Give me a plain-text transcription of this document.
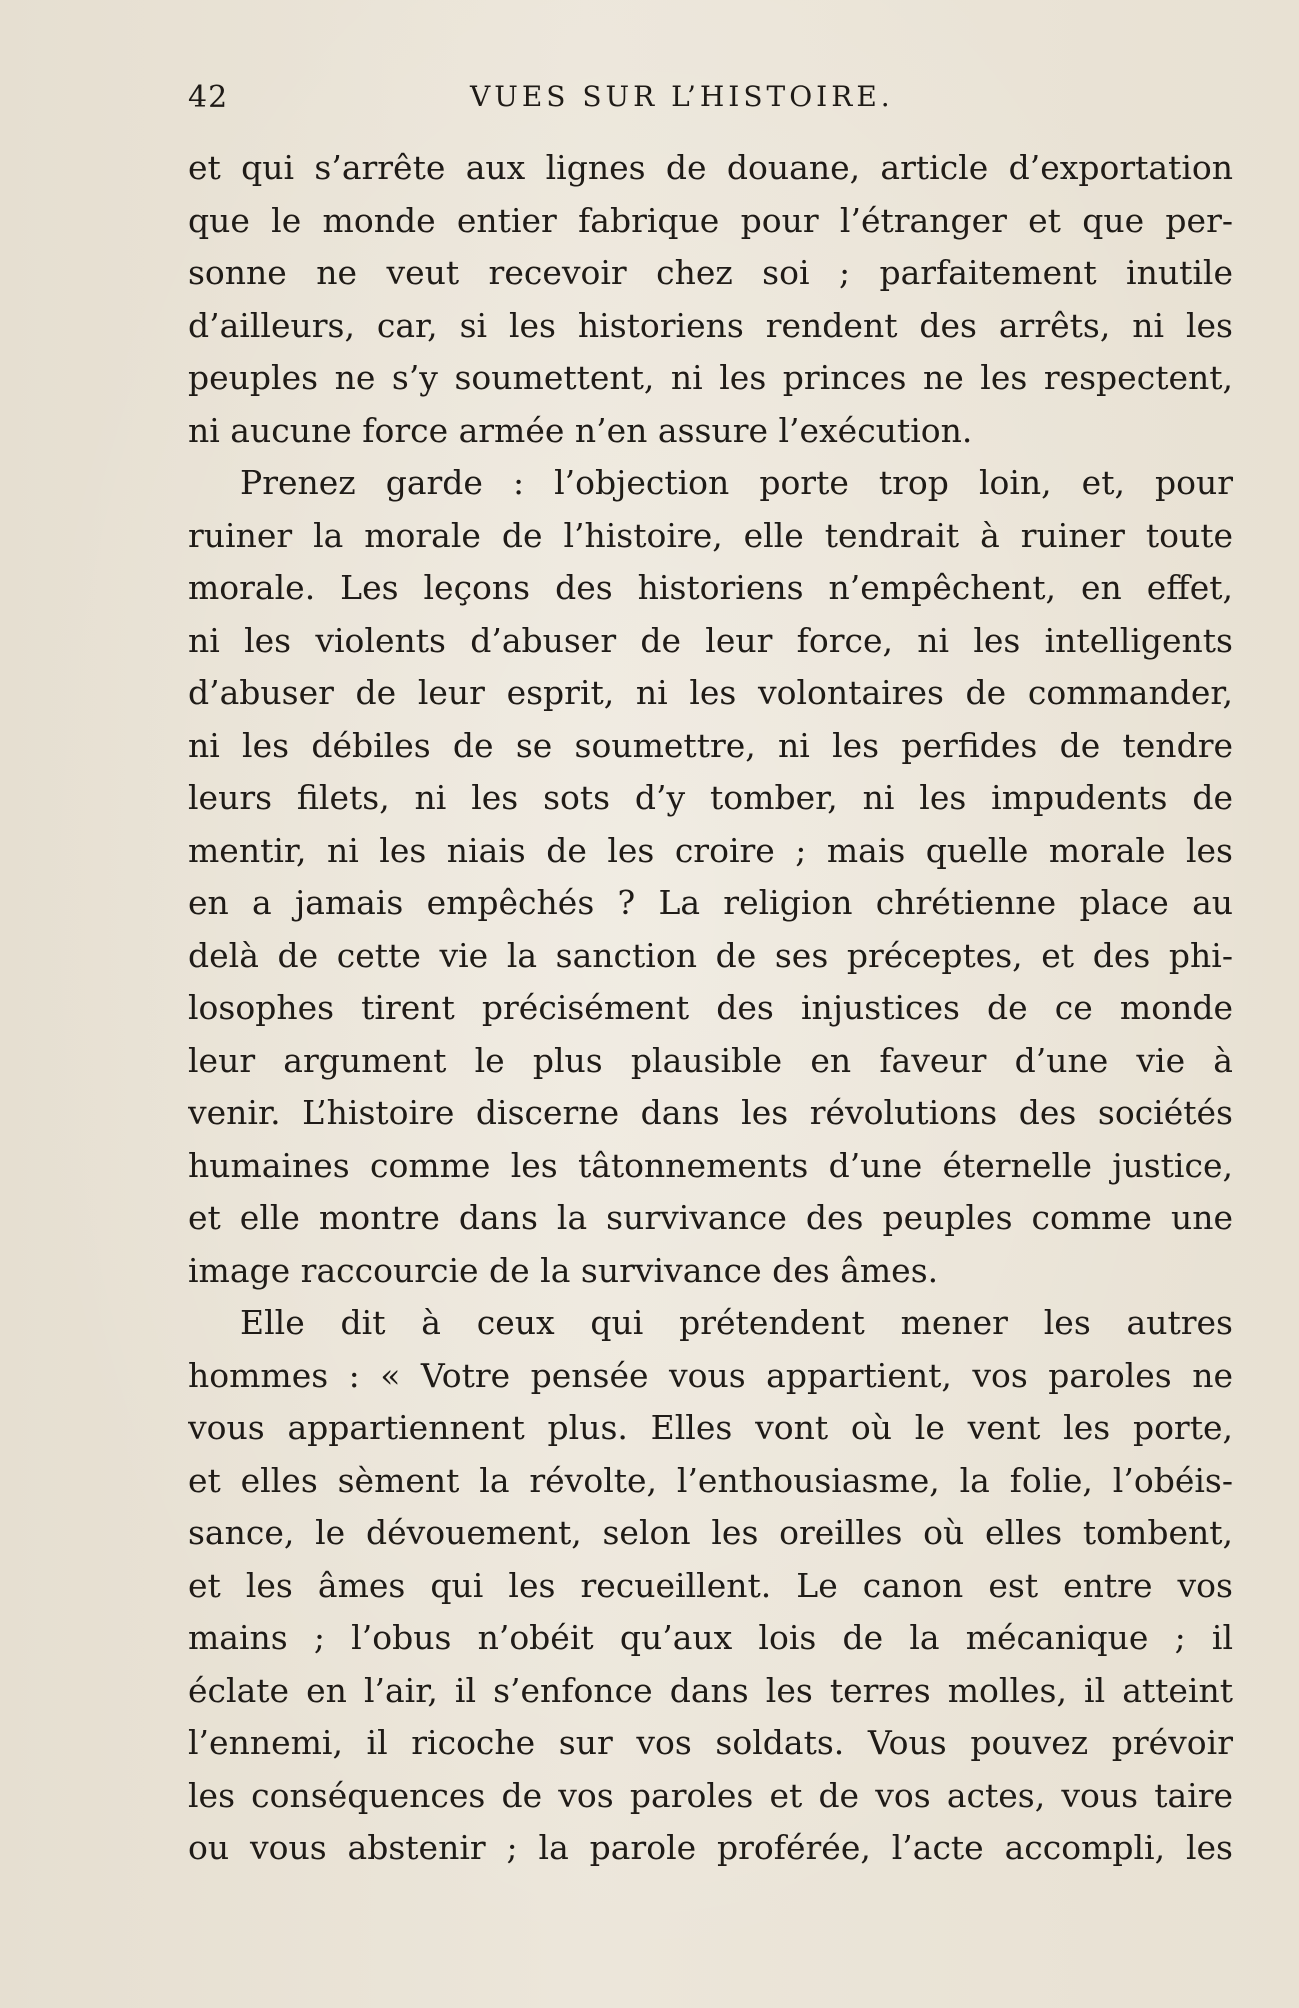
42	VUES SUR L’HISTOIRE.
et qui s’arrête aux lignes de douane, article d’exportation
que le monde entier fabrique pour l’étranger et que per-
sonne ne veut recevoir chez soi ; parfaitement inutile
d’ailleurs, car, si les historiens rendent des arrêts, ni les
peuples ne s’y soumettent, ni les princes ne les respectent,
ni aucune force armée n’en assure l’exécution.
Prenez garde : l’objection porte trop loin, et, pour
ruiner la morale de l’histoire, elle tendrait à ruiner toute
morale. Les leçons des historiens n’empêchent, en effet,
ni les violents d’abuser de leur force, ni les intelligents
d’abuser de leur esprit, ni les volontaires de commander,
ni les débiles de se soumettre, ni les perfides de tendre
leurs filets, ni les sots d’y tomber, ni les impudents de
mentir, ni les niais de les croire ; mais quelle morale les
en a jamais empêchés ? La religion chrétienne place au
delà de cette vie la sanction de ses préceptes, et des phi-
losophes tirent précisément des injustices de ce monde
leur argument le plus plausible en faveur d’une vie à
venir. L’histoire discerne dans les révolutions des sociétés
humaines comme les tâtonnements d’une éternelle justice,
et elle montre dans la survivance des peuples comme une
image raccourcie de la survivance des âmes.
Elle dit à ceux qui prétendent mener les autres
hommes : « Votre pensée vous appartient, vos paroles ne
vous appartiennent plus. Elles vont où le vent les porte,
et elles sèment la révolte, l’enthousiasme, la folie, l’obéis-
sance, le dévouement, selon les oreilles où elles tombent,
et les âmes qui les recueillent. Le canon est entre vos
mains ; l’obus n’obéit qu’aux lois de la mécanique ; il
éclate en l’air, il s’enfonce dans les terres molles, il atteint
l’ennemi, il ricoche sur vos soldats. Vous pouvez prévoir
les conséquences de vos paroles et de vos actes, vous taire
ou vous abstenir ; la parole proférée, l’acte accompli, les
